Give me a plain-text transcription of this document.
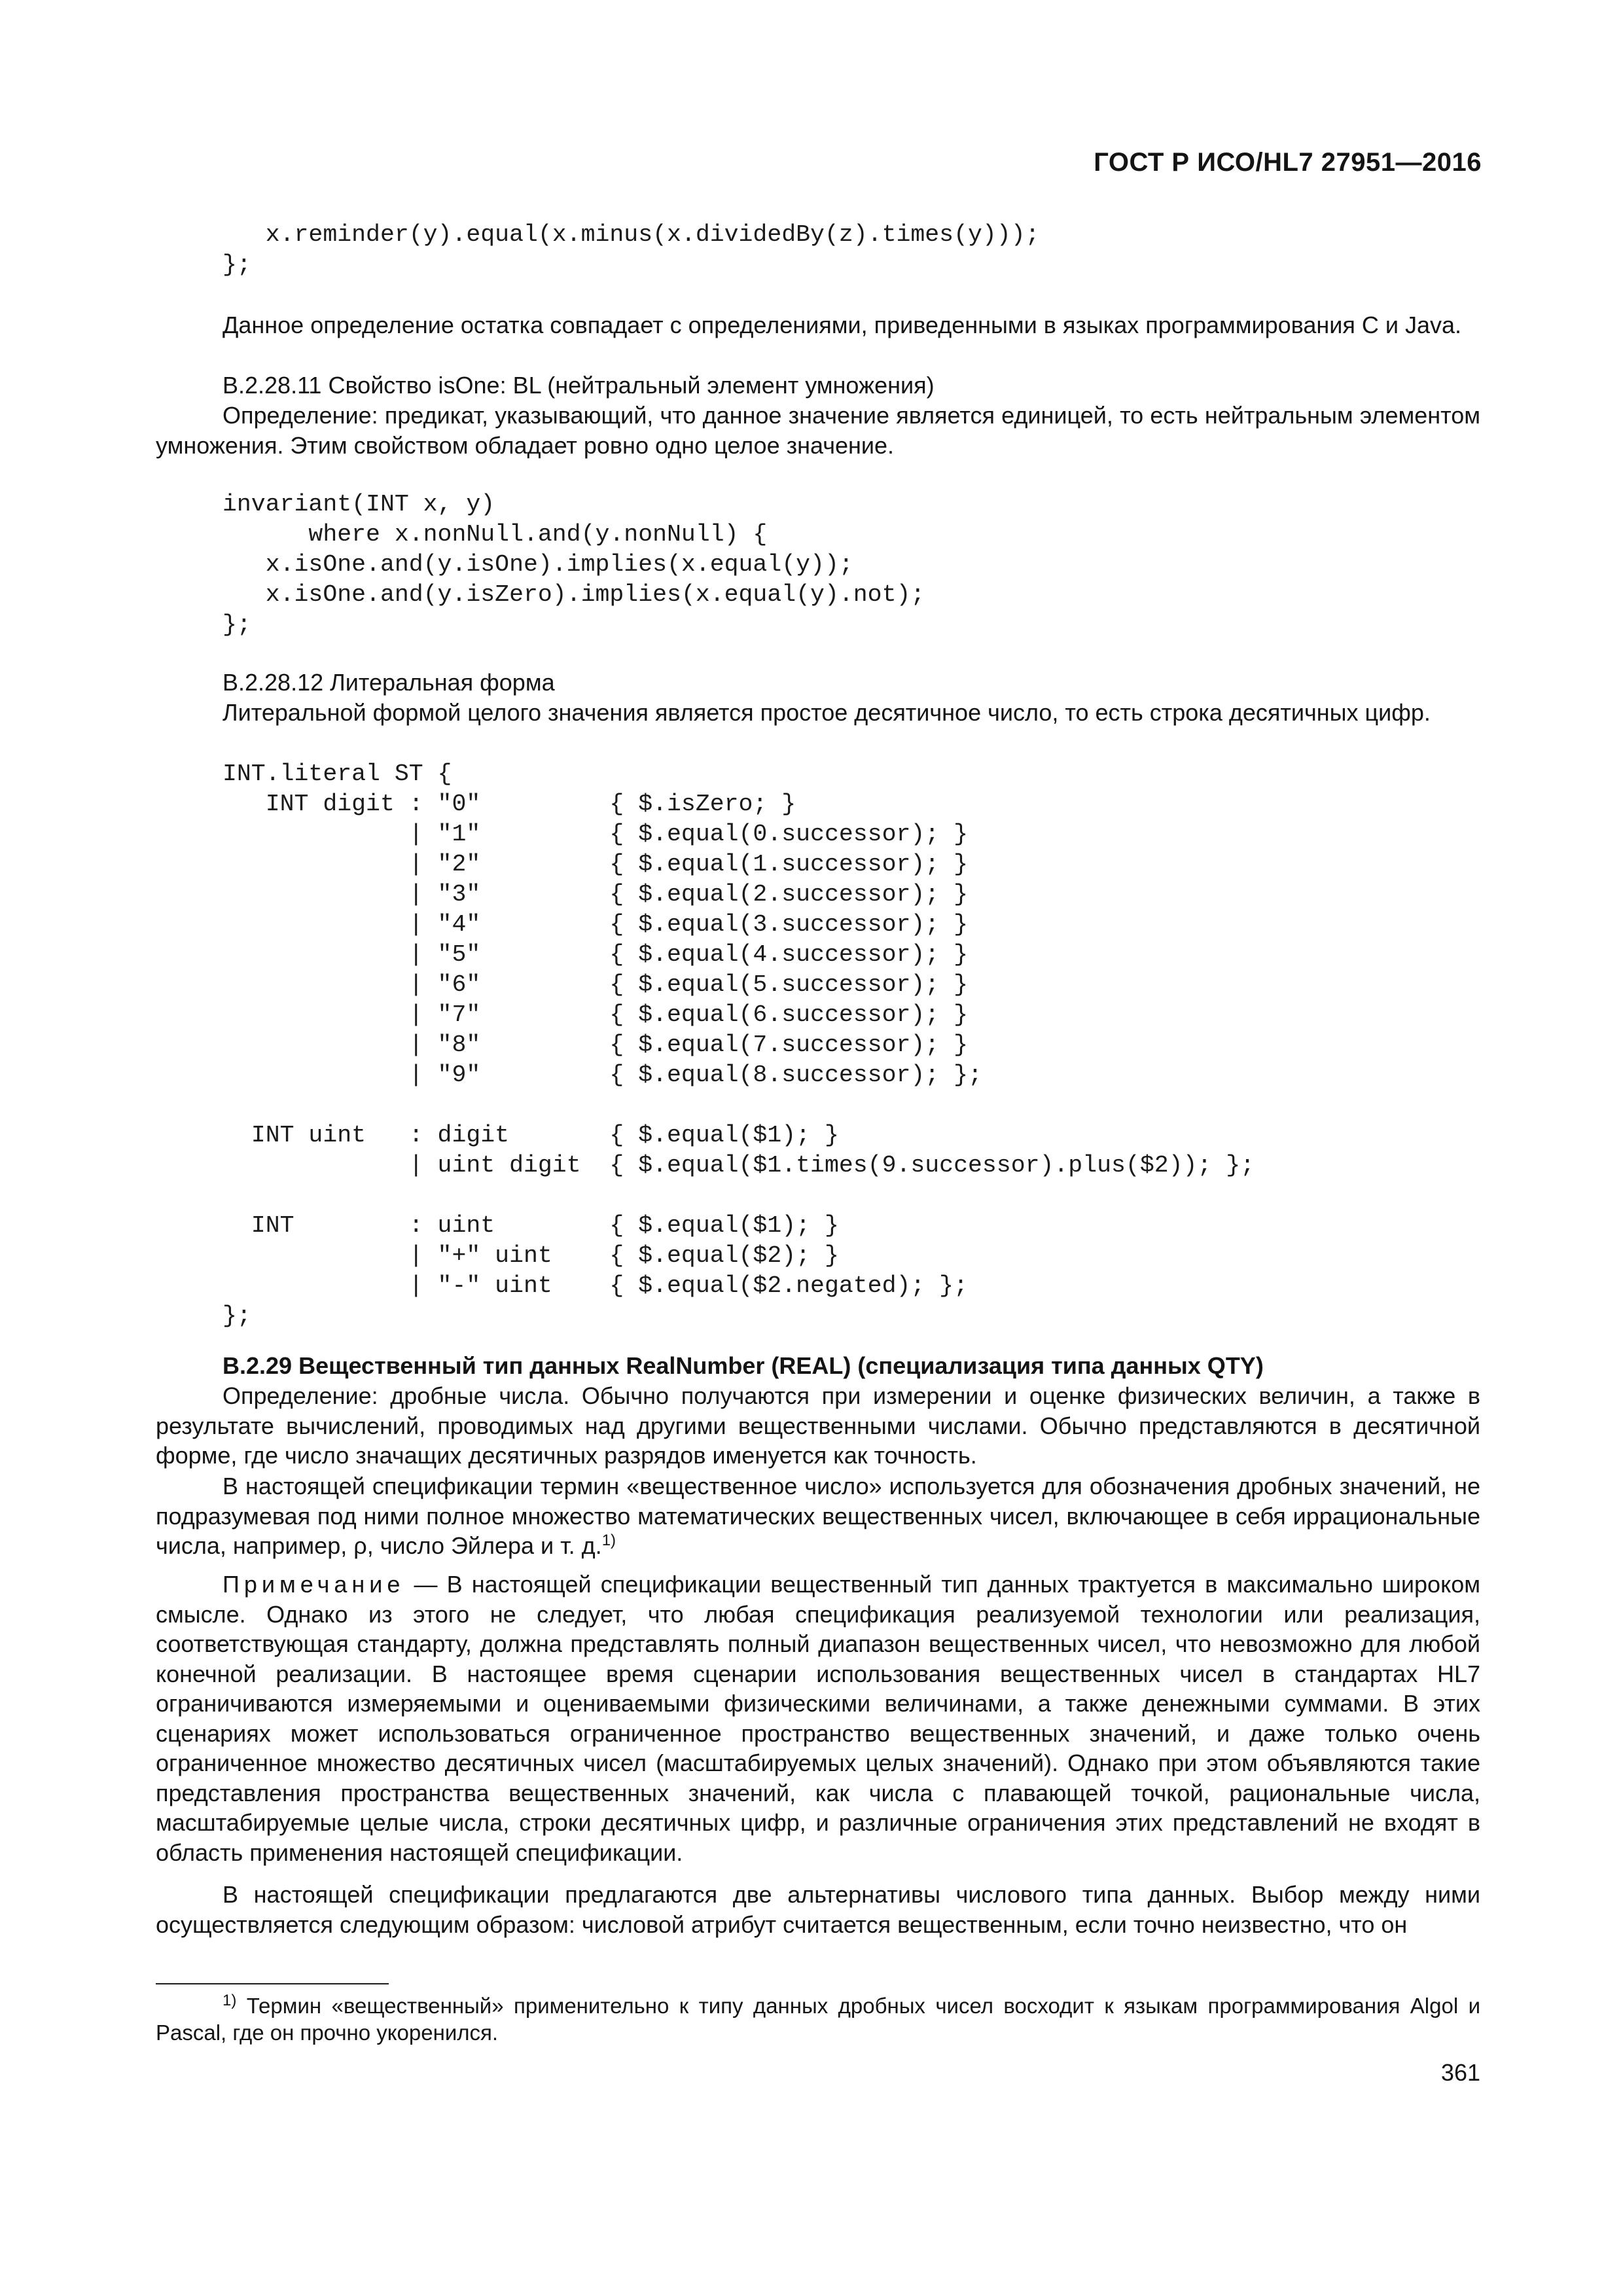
ГОСТ Р ИСО/HL7 27951—2016
x.reminder(y).equal(x.minus(x.dividedBy(z).times(y)));
};

Данное определение остатка совпадает с определениями, приведенными в языках программирования С и Java.

В.2.28.11 Свойство isOne: BL (нейтральный элемент умножения)

Определение: предикат, указывающий, что данное значение является единицей, то есть нейтральным элементом умножения. Этим свойством обладает ровно одно целое значение.

invariant(INT x, y)
where x.nonNull.and(y.nonNull) {
x.isOne.and(y.isOne).implies(x.equal(y));
x.isOne.and(y.isZero).implies(x.equal(y).not);
};

В.2.28.12 Литеральная форма

Литеральной формой целого значения является простое десятичное число, то есть строка десятичных цифр.

INT.literal ST {
INT digit : "0"         { $.isZero; }
| "1"         { $.equal(0.successor); }
| "2"         { $.equal(1.successor); }
| "3"         { $.equal(2.successor); }
| "4"         { $.equal(3.successor); }
| "5"         { $.equal(4.successor); }
| "6"         { $.equal(5.successor); }
| "7"         { $.equal(6.successor); }
| "8"         { $.equal(7.successor); }
| "9"         { $.equal(8.successor); };

INT uint   : digit       { $.equal($1); }
| uint digit  { $.equal($1.times(9.successor).plus($2)); };

INT        : uint        { $.equal($1); }
| "+" uint    { $.equal($2); }
| "-" uint    { $.equal($2.negated); };
};

В.2.29 Вещественный тип данных RealNumber (REAL) (специализация типа данных QTY)

Определение: дробные числа. Обычно получаются при измерении и оценке физических величин, а также в результате вычислений, проводимых над другими вещественными числами. Обычно представляются в десятичной форме, где число значащих десятичных разрядов именуется как точность.

В настоящей спецификации термин «вещественное число» используется для обозначения дробных значений, не подразумевая под ними полное множество математических вещественных чисел, включающее в себя иррациональные числа, например, ρ, число Эйлера и т. д.$^{1)}$

Примечание — В настоящей спецификации вещественный тип данных трактуется в максимально широком смысле. Однако из этого не следует, что любая спецификация реализуемой технологии или реализация, соответствующая стандарту, должна представлять полный диапазон вещественных чисел, что невозможно для любой конечной реализации. В настоящее время сценарии использования вещественных чисел в стандартах HL7 ограничиваются измеряемыми и оцениваемыми физическими величинами, а также денежными суммами. В этих сценариях может использоваться ограниченное пространство вещественных значений, и даже только очень ограниченное множество десятичных чисел (масштабируемых целых значений). Однако при этом объявляются такие представления пространства вещественных значений, как числа с плавающей точкой, рациональные числа, масштабируемые целые числа, строки десятичных цифр, и различные ограничения этих представлений не входят в область применения настоящей спецификации.

В настоящей спецификации предлагаются две альтернативы числового типа данных. Выбор между ними осуществляется следующим образом: числовой атрибут считается вещественным, если точно неизвестно, что он

$^{1)}$ Термин «вещественный» применительно к типу данных дробных чисел восходит к языкам программирования Algol и Pascal, где он прочно укоренился.

361
